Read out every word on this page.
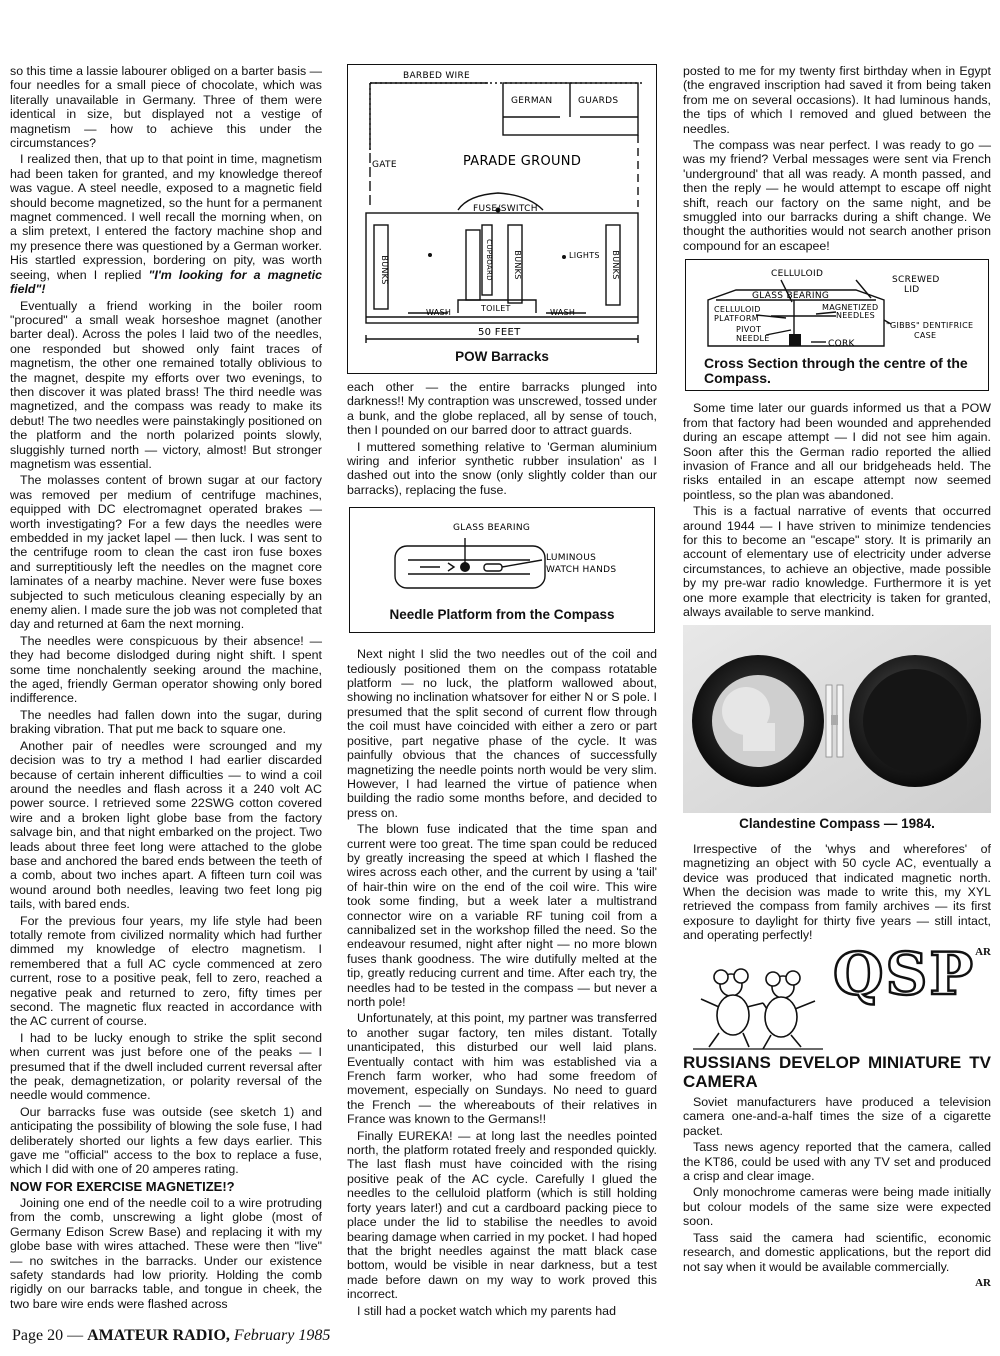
so this time a lassie labourer obliged on a barter basis — four needles for a small piece of chocolate, which was literally unavailable in Germany. Three of them were identical in size, but displayed not a vestige of magnetism — how to achieve this under the circumstances?

I realized then, that up to that point in time, magnetism had been taken for granted, and my knowledge thereof was vague. A steel needle, exposed to a magnetic field should become magnetized, so the hunt for a permanent magnet commenced. I well recall the morning when, on a slim pretext, I entered the factory machine shop and my presence there was questioned by a German worker. His startled expression, bordering on pity, was worth seeing, when I replied "I'm looking for a magnetic field"!

Eventually a friend working in the boiler room "procured" a small weak horseshoe magnet (another barter deal). Across the poles I laid two of the needles, one responded but showed only faint traces of magnetism, the other one remained totally oblivious to the magnet, despite my efforts over two evenings, to then discover it was plated brass! The third needle was magnetized, and the compass was ready to make its debut! The two needles were painstakingly positioned on the platform and the north polarized points slowly, sluggishly turned north — victory, almost! But stronger magnetism was essential.

The molasses content of brown sugar at our factory was removed per medium of centrifuge machines, equipped with DC electromagnet operated brakes — worth investigating? For a few days the needles were embedded in my jacket lapel — then luck. I was sent to the centrifuge room to clean the cast iron fuse boxes and surreptitiously left the needles on the magnet core laminates of a nearby machine. Never were fuse boxes subjected to such meticulous cleaning especially by an enemy alien. I made sure the job was not completed that day and returned at 6am the next morning.

The needles were conspicuous by their absence! — they had become dislodged during night shift. I spent some time nonchalently seeking around the machine, the aged, friendly German operator showing only bored indifference.

The needles had fallen down into the sugar, during braking vibration. That put me back to square one.

Another pair of needles were scrounged and my decision was to try a method I had earlier discarded because of certain inherent difficulties — to wind a coil around the needles and flash across it a 240 volt AC power source. I retrieved some 22SWG cotton covered wire and a broken light globe base from the factory salvage bin, and that night embarked on the project. Two leads about three feet long were attached to the globe base and anchored the bared ends between the teeth of a comb, about two inches apart. A fifteen turn coil was wound around both needles, leaving two feet long pig tails, with bared ends.

For the previous four years, my life style had been totally remote from civilized normality which had further dimmed my knowledge of electro magnetism. I remembered that a full AC cycle commenced at zero current, rose to a positive peak, fell to zero, reached a negative peak and returned to zero, fifty times per second. The magnetic flux reacted in accordance with the AC current of course.

I had to be lucky enough to strike the split second when current was just before one of the peaks — I presumed that if the dwell included current reversal after the peak, demagnetization, or polarity reversal of the needle would commence.

Our barracks fuse was outside (see sketch 1) and anticipating the possibility of blowing the sole fuse, I had deliberately shorted our lights a few days earlier. This gave me "official" access to the box to replace a fuse, which I did with one of 20 amperes rating.

NOW FOR EXERCISE MAGNETIZE!?

Joining one end of the needle coil to a wire protruding from the comb, unscrewing a light globe (most of Germany Edison Screw Base) and replacing it with my globe base with wires attached. These were then "live" — no switches in the barracks. Under our existence safety standards had low priority. Holding the comb rigidly on our barracks table, and tongue in cheek, the two bare wire ends were flashed across

BARBED WIRE
GERMAN	GUARDS
GATE	PARADE GROUND
FUSE/SWITCH
BUNKS	CUPBOARD	BUNKS	BUNKS
LIGHTS
TOILET
WASH	WASH
50 FEET
POW Barracks

each other — the entire barracks plunged into darkness!! My contraption was unscrewed, tossed under a bunk, and the globe replaced, all by sense of touch, then I pounded on our barred door to attract guards.

I muttered something relative to 'German aluminium wiring and inferior synthetic rubber insulation' as I dashed out into the snow (only slightly colder than our barracks), replacing the fuse.

GLASS BEARING
LUMINOUS
WATCH HANDS
Needle Platform from the Compass

Next night I slid the two needles out of the coil and tediously positioned them on the compass rotatable platform — no luck, the platform wallowed about, showing no inclination whatsover for either N or S pole. I presumed that the split second of current flow through the coil must have coincided with either a zero or part positive, part negative phase of the cycle. It was painfully obvious that the chances of successfully magnetizing the needle points north would be very slim. However, I had learned the virtue of patience when building the radio some months before, and decided to press on.

The blown fuse indicated that the time span and current were too great. The time span could be reduced by greatly increasing the speed at which I flashed the wires across each other, and the current by using a 'tail' of hair-thin wire on the end of the coil wire. This wire took some finding, but a week later a multistrand connector wire on a variable RF tuning coil from a cannibalized set in the workshop filled the need. So the endeavour resumed, night after night — no more blown fuses thank goodness. The wire dutifully melted at the tip, greatly reducing current and time. After each try, the needles had to be tested in the compass — but never a north pole!

Unfortunately, at this point, my partner was transferred to another sugar factory, ten miles distant. Totally unanticipated, this disturbed our well laid plans. Eventually contact with him was established via a French farm worker, who had some freedom of movement, especially on Sundays. No need to guard the French — the whereabouts of their relatives in France was known to the Germans!!

Finally EUREKA! — at long last the needles pointed north, the platform rotated freely and responded quickly. The last flash must have coincided with the rising positive peak of the AC cycle. Carefully I glued the needles to the celluloid platform (which is still holding forty years later!) and cut a cardboard packing piece to place under the lid to stabilise the needles to avoid bearing damage when carried in my pocket. I had hoped that the bright needles against the matt black case bottom, would be visible in near darkness, but a test made before dawn on my way to work proved this incorrect.

I still had a pocket watch which my parents had

posted to me for my twenty first birthday when in Egypt (the engraved inscription had saved it from being taken from me on several occasions). It had luminous hands, the tips of which I removed and glued between the needles.

The compass was near perfect. I was ready to go — was my friend? Verbal messages were sent via French 'underground' that all was ready. A month passed, and then the reply — he would attempt to escape off night shift, reach our factory on the same night, and be smuggled into our barracks during a shift change. We thought the authorities would not search another prison compound for an escapee!

CELLULOID
SCREWED
LID
GLASS BEARING
CELLULOID
PLATFORM
MAGNETIZED
NEEDLES
"GIBBS" DENTIFRICE
CASE
PIVOT
NEEDLE
CORK
Cross Section through the centre of the Compass.

Some time later our guards informed us that a POW from that factory had been wounded and apprehended during an escape attempt — I did not see him again. Soon after this the German radio reported the allied invasion of France and all our bridgeheads held. The risks entailed in an escape attempt now seemed pointless, so the plan was abandoned.

This is a factual narrative of events that occurred around 1944 — I have striven to minimize tendencies for this to become an "escape" story. It is primarily an account of elementary use of electricity under adverse circumstances, to achieve an objective, made possible by my pre-war radio knowledge. Furthermore it is yet one more example that electricity is taken for granted, always available to serve mankind.

Clandestine Compass — 1984.

Irrespective of the 'whys and wherefores' of magnetizing an object with 50 cycle AC, eventually a device was produced that indicated magnetic north. When the decision was made to write this, my XYL retrieved the compass from family archives — its first exposure to daylight for thirty five years — still intact, and operating perfectly!

AR

QSP
RUSSIANS DEVELOP MINIATURE TV CAMERA

Soviet manufacturers have produced a television camera one-and-a-half times the size of a cigarette packet.

Tass news agency reported that the camera, called the KT86, could be used with any TV set and produced a crisp and clear image.

Only monochrome cameras were being made initially but colour models of the same size were expected soon.

Tass said the camera had scientific, economic research, and domestic applications, but the report did not say when it would be available commercially.

AR

Page 20 — AMATEUR RADIO, February 1985
